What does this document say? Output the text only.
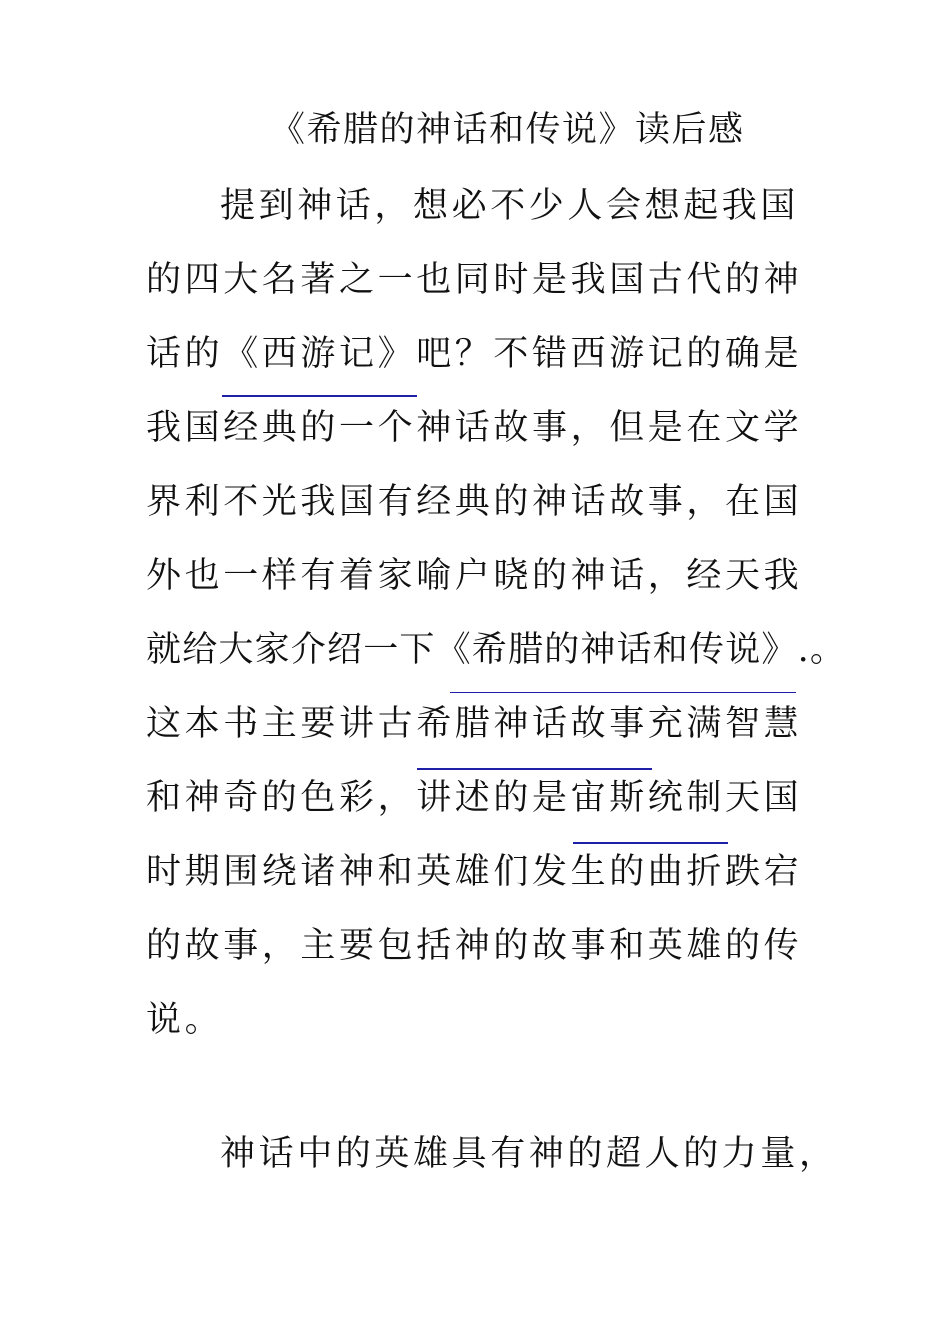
《希腊的神话和传说》读后感
提到神话，想必不少人会想起我国
的四大名著之一也同时是我国古代的神
话的《西游记》吧？不错西游记的确是
我国经典的一个神话故事，但是在文学
界利不光我国有经典的神话故事，在国
外也一样有着家喻户晓的神话，经天我
就给大家介绍一下《希腊的神话和传说》.。
这本书主要讲古希腊神话故事充满智慧
和神奇的色彩，讲述的是宙斯统制天国
时期围绕诸神和英雄们发生的曲折跌宕
的故事，主要包括神的故事和英雄的传
说。
神话中的英雄具有神的超人的力量，
